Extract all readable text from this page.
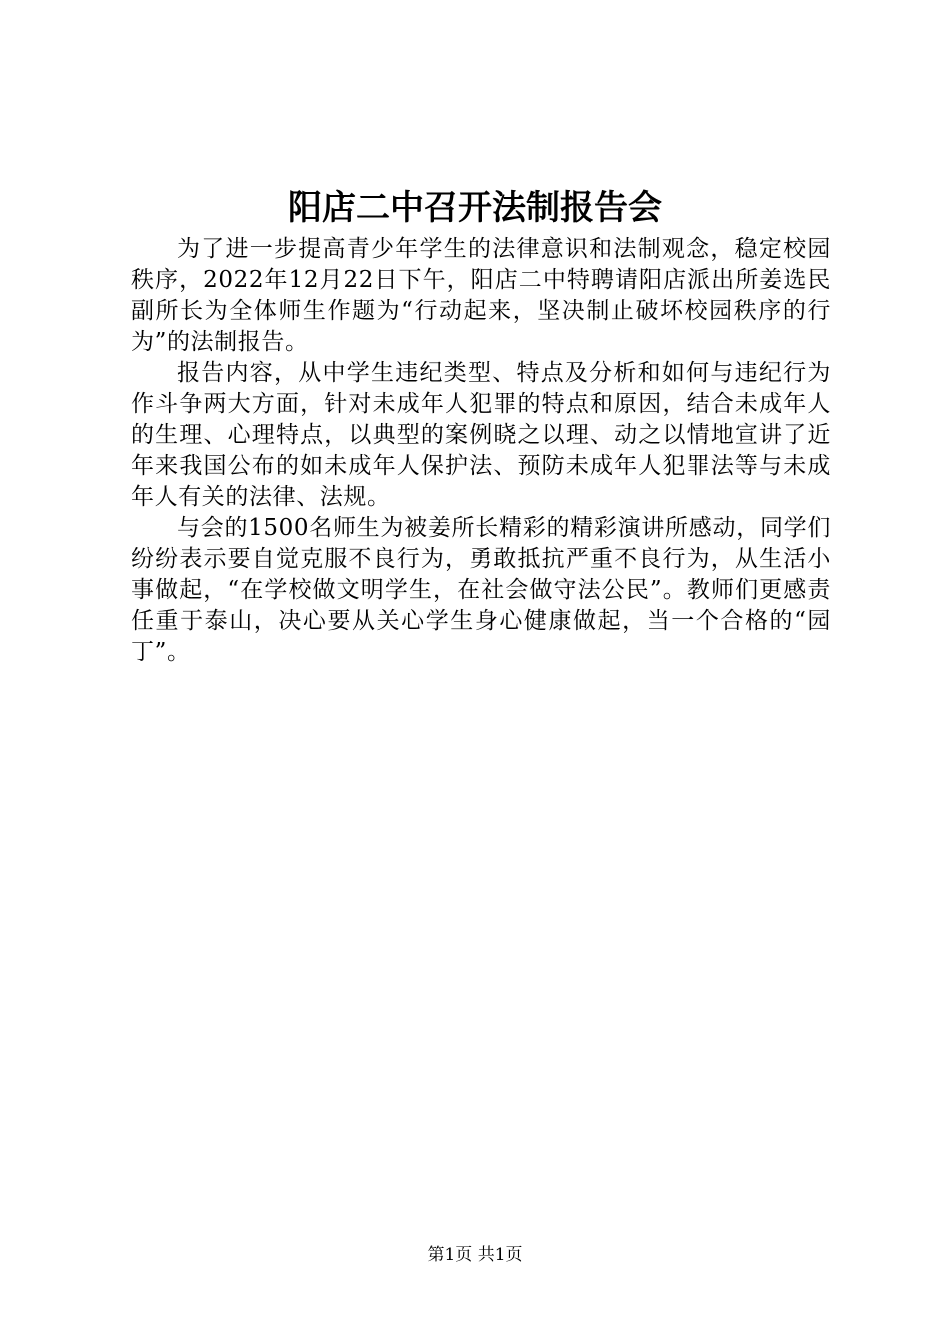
阳店二中召开法制报告会

为了进一步提高青少年学生的法律意识和法制观念，稳定校园秩序，2022年12月22日下午，阳店二中特聘请阳店派出所姜选民副所长为全体师生作题为“行动起来，坚决制止破坏校园秩序的行为”的法制报告。

报告内容，从中学生违纪类型、特点及分析和如何与违纪行为作斗争两大方面，针对未成年人犯罪的特点和原因，结合未成年人的生理、心理特点，以典型的案例晓之以理、动之以情地宣讲了近年来我国公布的如未成年人保护法、预防未成年人犯罪法等与未成年人有关的法律、法规。

与会的1500名师生为被姜所长精彩的精彩演讲所感动，同学们纷纷表示要自觉克服不良行为，勇敢抵抗严重不良行为，从生活小事做起，“在学校做文明学生，在社会做守法公民”。教师们更感责任重于泰山，决心要从关心学生身心健康做起，当一个合格的“园丁”。

第1页 共1页
